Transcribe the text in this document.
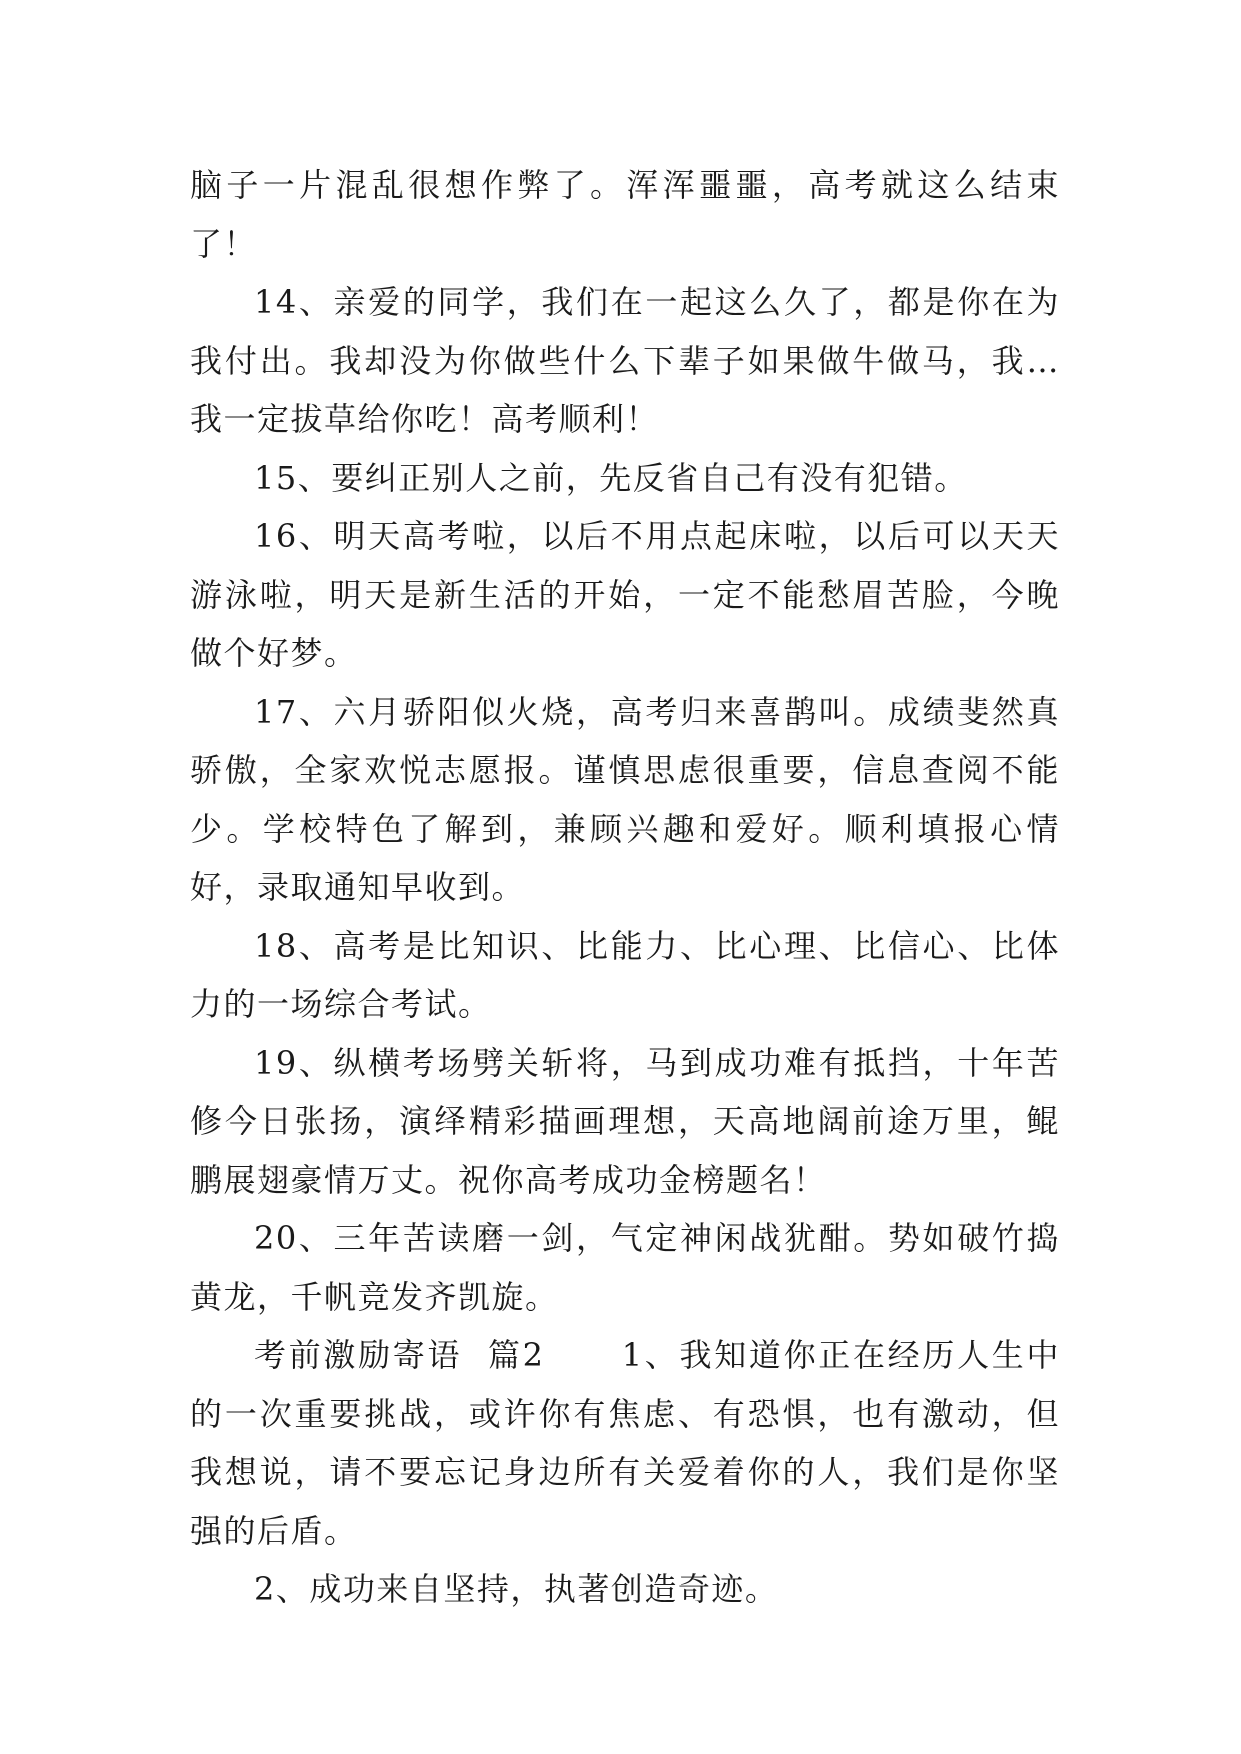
脑子一片混乱很想作弊了。浑浑噩噩，高考就这么结束了！

14、亲爱的同学，我们在一起这么久了，都是你在为我付出。我却没为你做些什么下辈子如果做牛做马，我…我一定拔草给你吃！高考顺利！

15、要纠正别人之前，先反省自己有没有犯错。

16、明天高考啦，以后不用点起床啦，以后可以天天游泳啦，明天是新生活的开始，一定不能愁眉苦脸，今晚做个好梦。

17、六月骄阳似火烧，高考归来喜鹊叫。成绩斐然真骄傲，全家欢悦志愿报。谨慎思虑很重要，信息查阅不能少。学校特色了解到，兼顾兴趣和爱好。顺利填报心情好，录取通知早收到。

18、高考是比知识、比能力、比心理、比信心、比体力的一场综合考试。

19、纵横考场劈关斩将，马到成功难有抵挡，十年苦修今日张扬，演绎精彩描画理想，天高地阔前途万里，鲲鹏展翅豪情万丈。祝你高考成功金榜题名！

20、三年苦读磨一剑，气定神闲战犹酣。势如破竹捣黄龙，千帆竞发齐凯旋。

考前激励寄语  篇2      1、我知道你正在经历人生中的一次重要挑战，或许你有焦虑、有恐惧，也有激动，但我想说，请不要忘记身边所有关爱着你的人，我们是你坚强的后盾。

2、成功来自坚持，执著创造奇迹。
